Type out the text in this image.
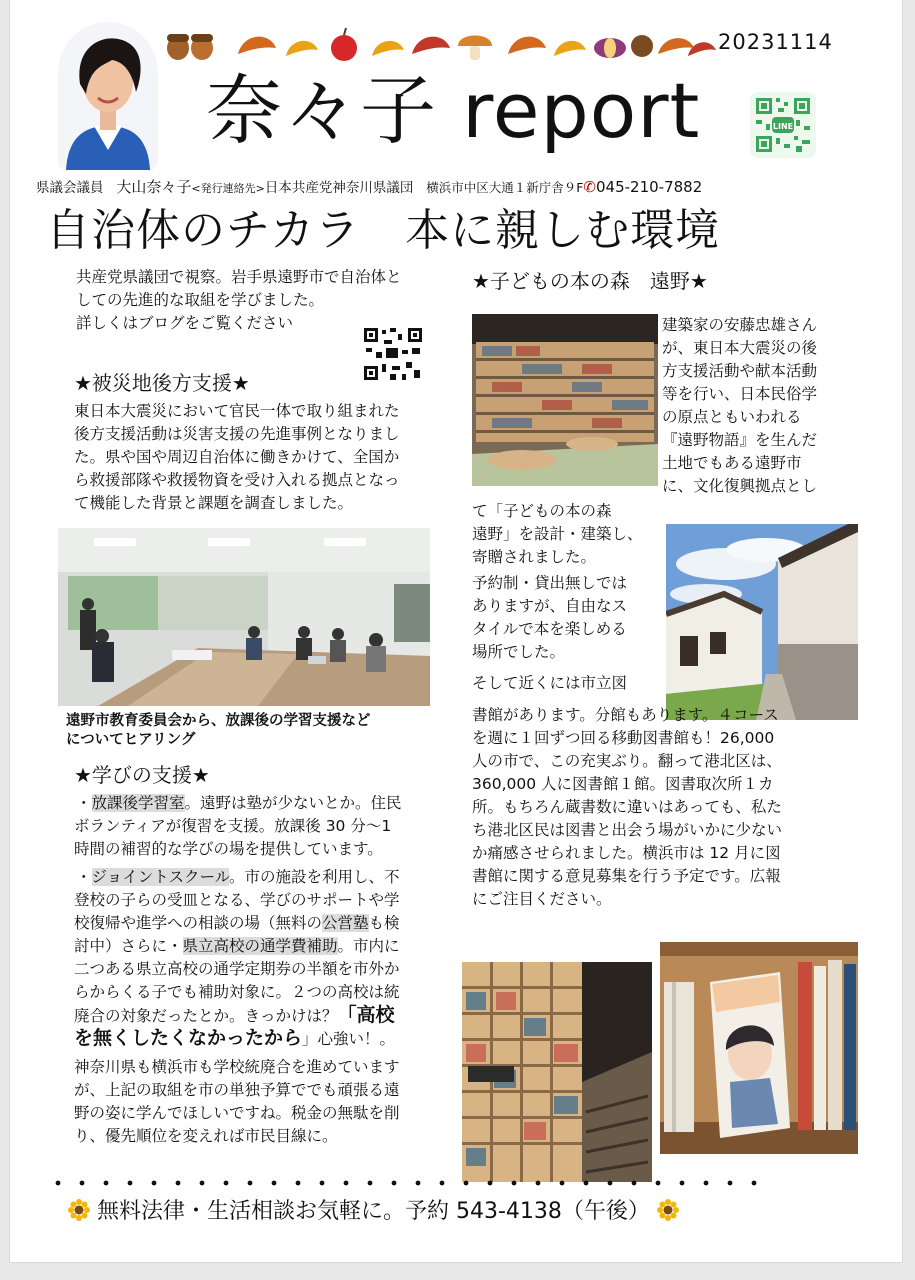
20231114
奈々子 report	LINE
県議会議員 大山奈々子<発行連絡先>日本共産党神奈川県議団 横浜市中区大通１新庁舎９F✆045-210-7882
自治体のチカラ　本に親しむ環境
共産党県議団で視察。岩手県遠野市で自治体と
しての先進的な取組を学びました。
詳しくはブログをご覧ください
★被災地後方支援★
東日本大震災において官民一体で取り組まれた
後方支援活動は災害支援の先進事例となりまし
た。県や国や周辺自治体に働きかけて、全国か
ら救援部隊や救援物資を受け入れる拠点となっ
て機能した背景と課題を調査しました。
遠野市教育委員会から、放課後の学習支援など
についてヒアリング
★学びの支援★
・放課後学習室。遠野は塾が少ないとか。住民
ボランティアが復習を支援。放課後 30 分～1
時間の補習的な学びの場を提供しています。
・ジョイントスクール。市の施設を利用し、不
登校の子らの受皿となる、学びのサポートや学
校復帰や進学への相談の場（無料の公営塾も検
討中）さらに・県立高校の通学費補助。市内に
二つある県立高校の通学定期券の半額を市外か
らからくる子でも補助対象に。２つの高校は統
廃合の対象だったとか。きっかけは？「高校
を無くしたくなかったから」心強い！。
神奈川県も横浜市も学校統廃合を進めています
が、上記の取組を市の単独予算ででも頑張る遠
野の姿に学んでほしいですね。税金の無駄を削
り、優先順位を変えれば市民目線に。
★子どもの本の森　遠野★
建築家の安藤忠雄さん
が、東日本大震災の後
方支援活動や献本活動
等を行い、日本民俗学
の原点ともいわれる
『遠野物語』を生んだ
土地でもある遠野市
に、文化復興拠点とし
て「子どもの本の森
遠野」を設計・建築し、
寄贈されました。
予約制・貸出無しでは
ありますが、自由なス
タイルで本を楽しめる
場所でした。
そして近くには市立図
書館があります。分館もあります。４コース
を週に１回ずつ回る移動図書館も！26,000
人の市で、この充実ぶり。翻って港北区は、
360,000 人に図書館１館。図書取次所１カ
所。もちろん蔵書数に違いはあっても、私た
ち港北区民は図書と出会う場がいかに少ない
か痛感させられました。横浜市は 12 月に図
書館に関する意見募集を行う予定です。広報
にご注目ください。
無料法律・生活相談お気軽に。予約 543-4138（午後）
